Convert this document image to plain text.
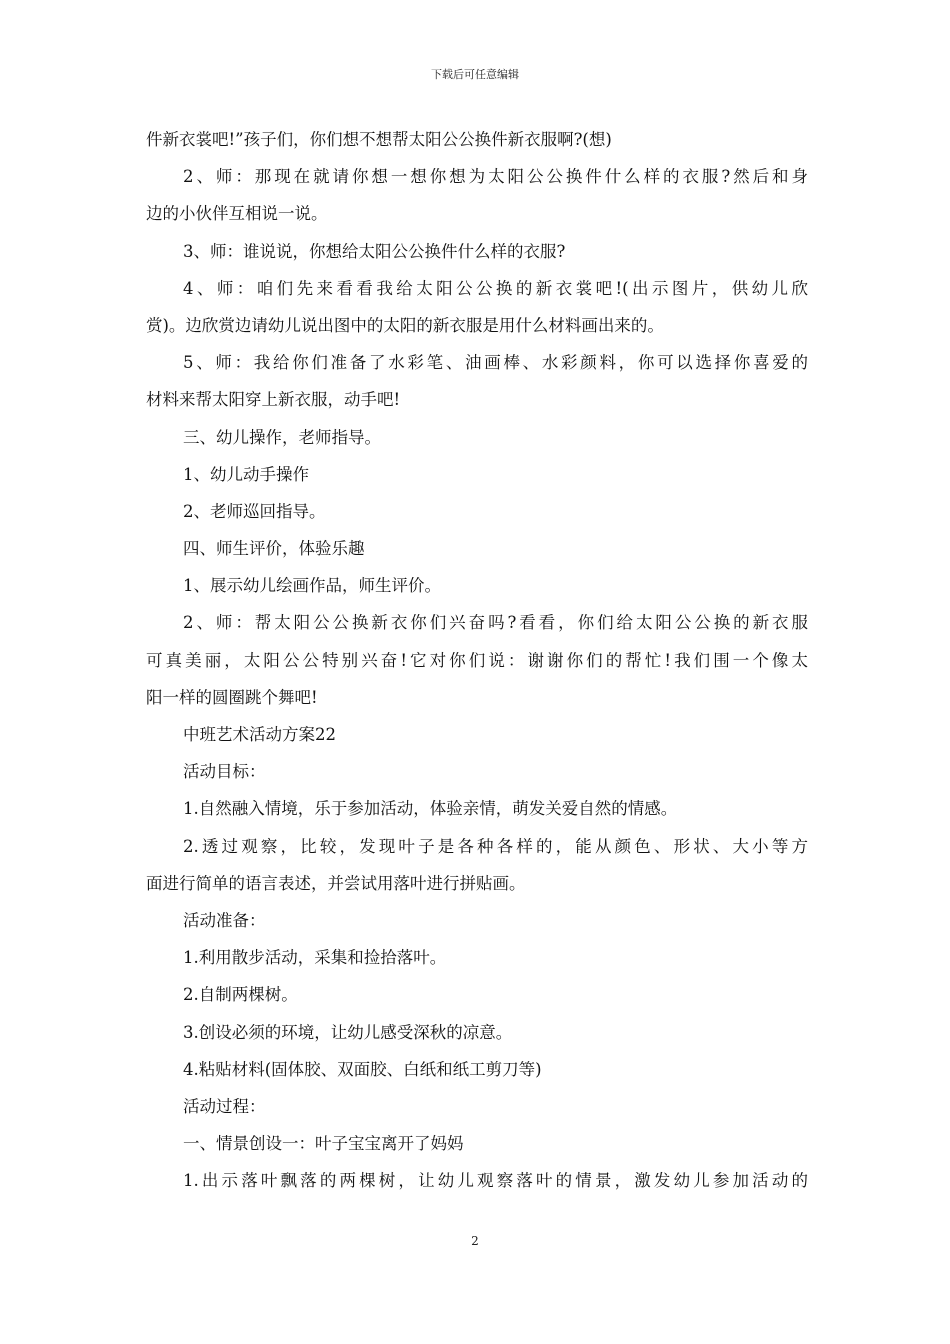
下载后可任意编辑
件新衣裳吧!”孩子们，你们想不想帮太阳公公换件新衣服啊?(想)
2、师：那现在就请你想一想你想为太阳公公换件什么样的衣服?然后和身
边的小伙伴互相说一说。
3、师：谁说说，你想给太阳公公换件什么样的衣服?
4、师：咱们先来看看我给太阳公公换的新衣裳吧!(出示图片，供幼儿欣
赏)。边欣赏边请幼儿说出图中的太阳的新衣服是用什么材料画出来的。
5、师：我给你们准备了水彩笔、油画棒、水彩颜料，你可以选择你喜爱的
材料来帮太阳穿上新衣服，动手吧!
三、幼儿操作，老师指导。
1、幼儿动手操作
2、老师巡回指导。
四、师生评价，体验乐趣
1、展示幼儿绘画作品，师生评价。
2、师：帮太阳公公换新衣你们兴奋吗?看看，你们给太阳公公换的新衣服
可真美丽，太阳公公特别兴奋!它对你们说：谢谢你们的帮忙!我们围一个像太
阳一样的圆圈跳个舞吧!
中班艺术活动方案22
活动目标：
1.自然融入情境，乐于参加活动，体验亲情，萌发关爱自然的情感。
2.透过观察，比较，发现叶子是各种各样的，能从颜色、形状、大小等方
面进行简单的语言表述，并尝试用落叶进行拼贴画。
活动准备：
1.利用散步活动，采集和捡拾落叶。
2.自制两棵树。
3.创设必须的环境，让幼儿感受深秋的凉意。
4.粘贴材料(固体胶、双面胶、白纸和纸工剪刀等)
活动过程：
一、情景创设一：叶子宝宝离开了妈妈
1.出示落叶飘落的两棵树，让幼儿观察落叶的情景，激发幼儿参加活动的
2
